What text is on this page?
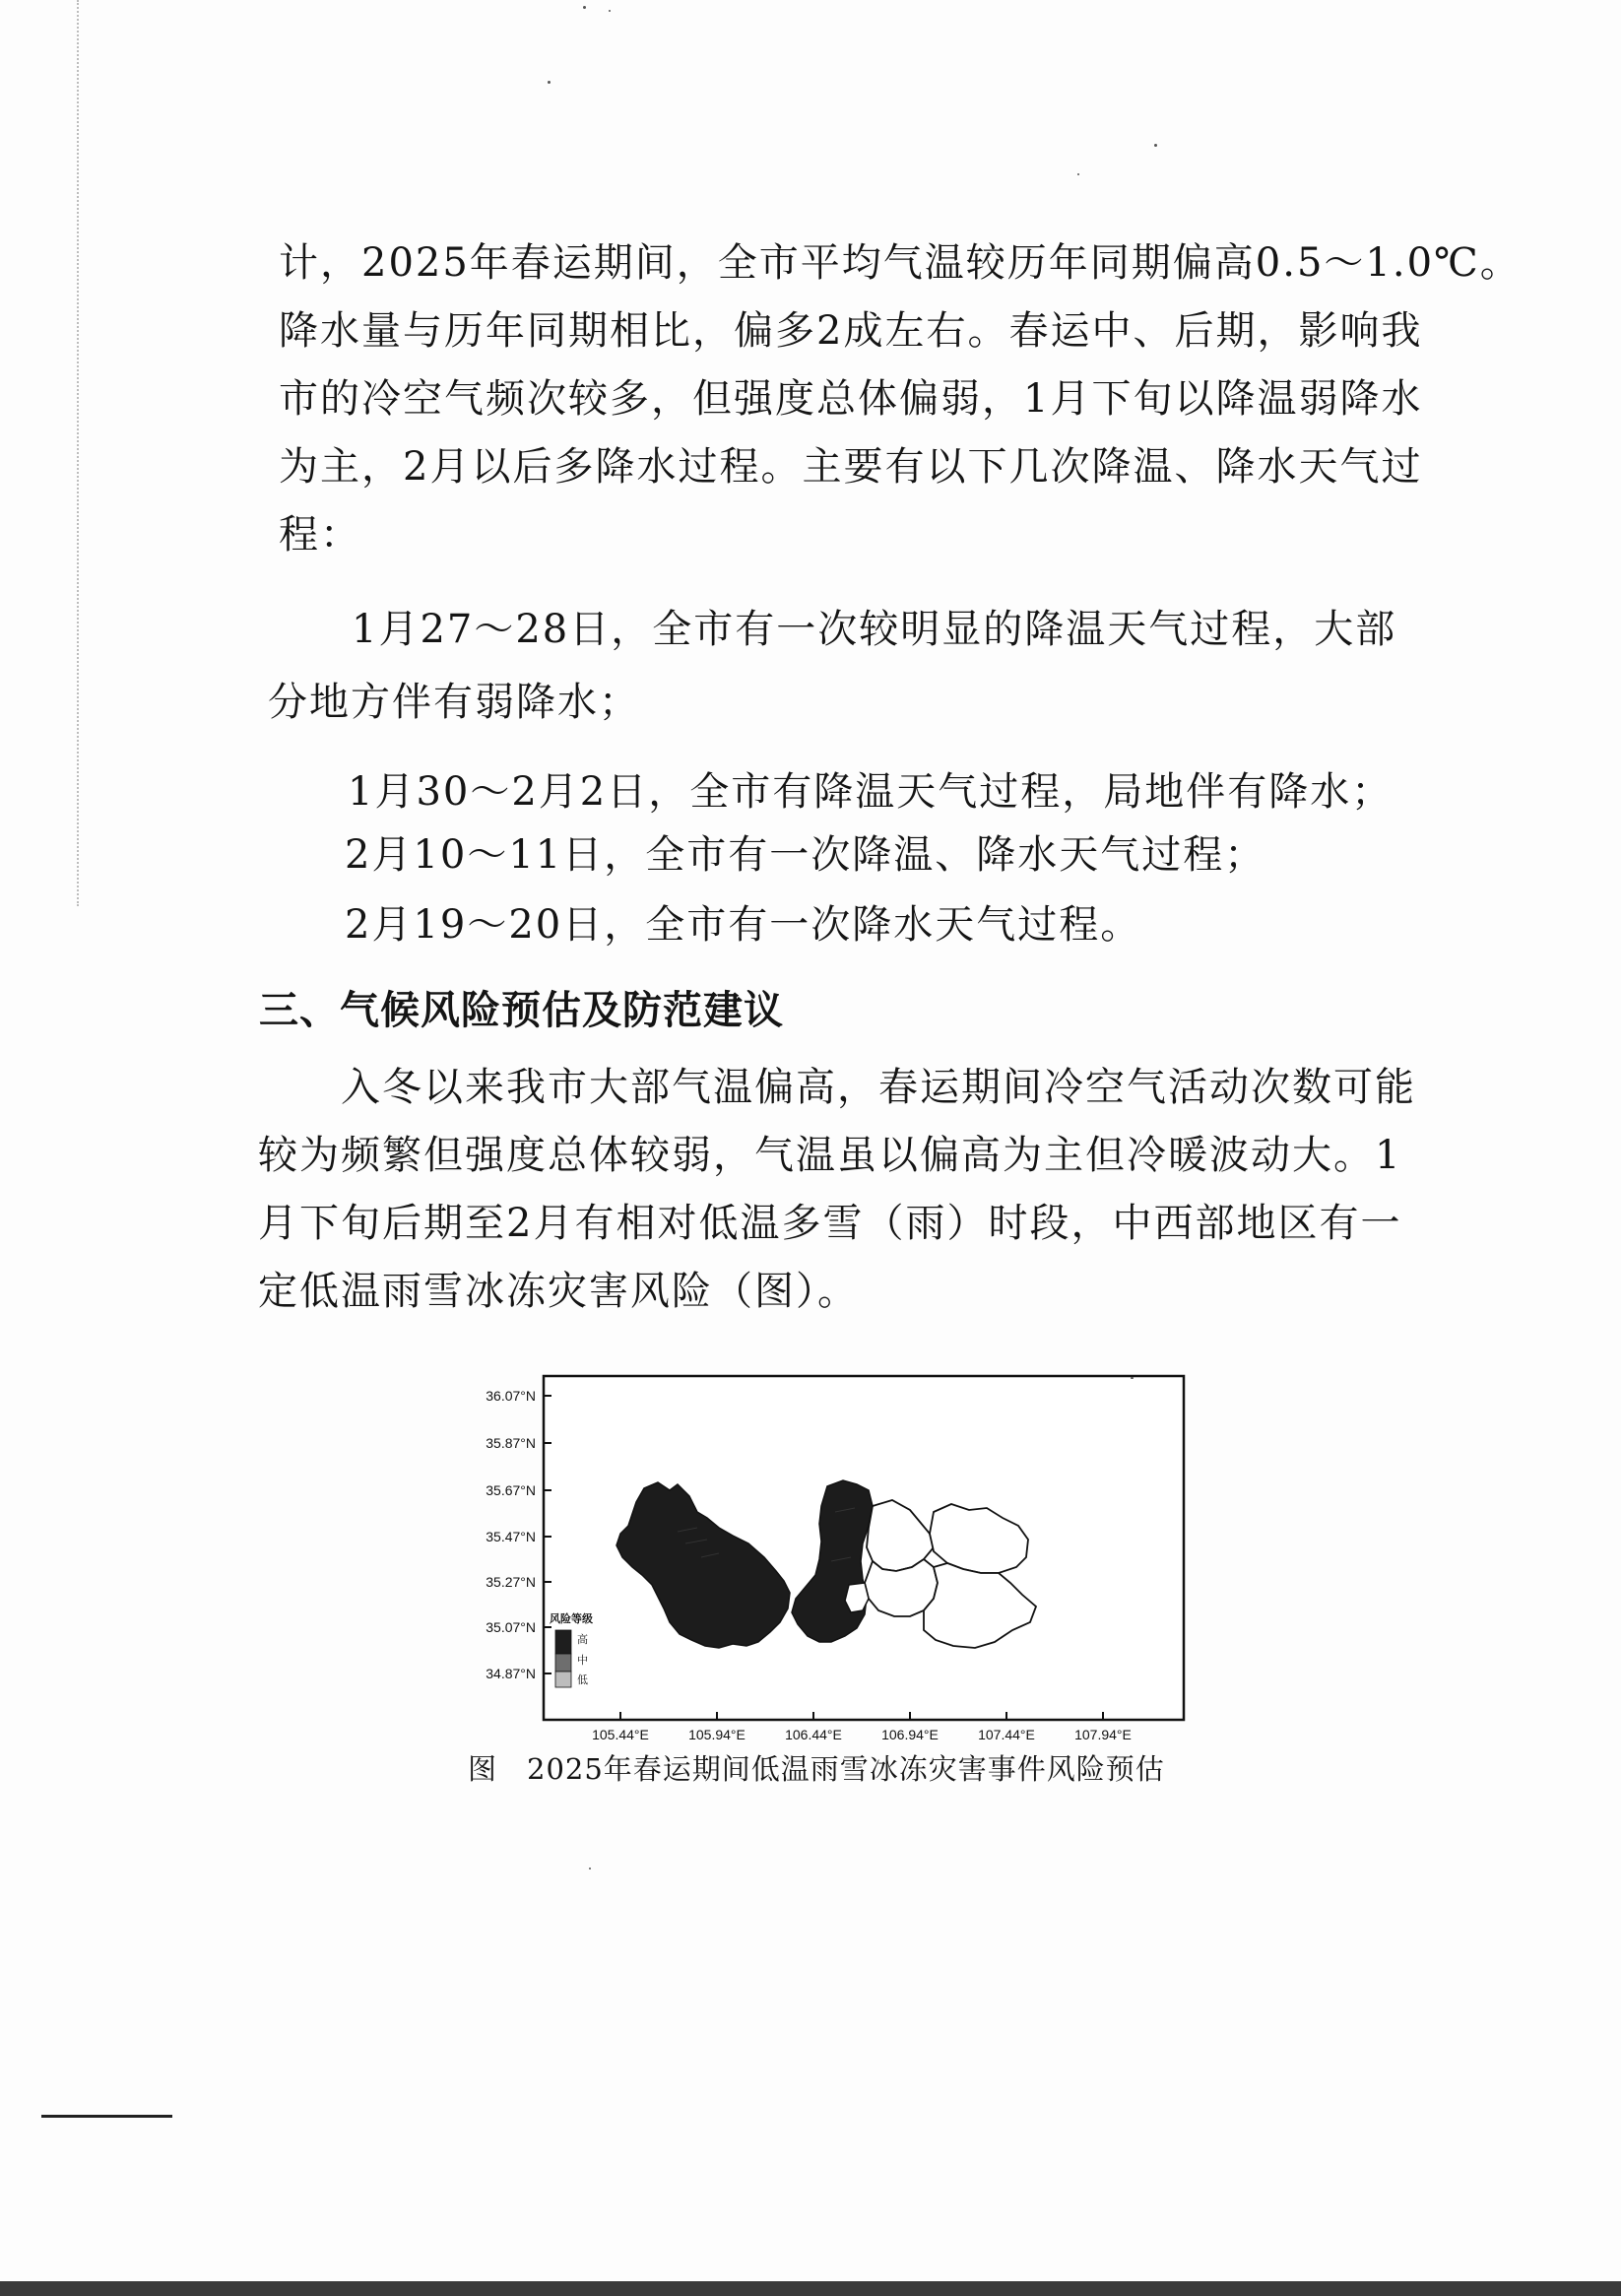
计，2025年春运期间，全市平均气温较历年同期偏高0.5～1.0℃。
降水量与历年同期相比，偏多2成左右。春运中、后期，影响我
市的冷空气频次较多，但强度总体偏弱，1月下旬以降温弱降水
为主，2月以后多降水过程。主要有以下几次降温、降水天气过
程：
1月27～28日，全市有一次较明显的降温天气过程，大部
分地方伴有弱降水；
1月30～2月2日，全市有降温天气过程，局地伴有降水；
2月10～11日，全市有一次降温、降水天气过程；
2月19～20日，全市有一次降水天气过程。
三、气候风险预估及防范建议
入冬以来我市大部气温偏高，春运期间冷空气活动次数可能
较为频繁但强度总体较弱，气温虽以偏高为主但冷暖波动大。1
月下旬后期至2月有相对低温多雪（雨）时段，中西部地区有一
定低温雨雪冰冻灾害风险（图）。
36.07°N
35.87°N
35.67°N
35.47°N
35.27°N
35.07°N
34.87°N
105.44°E	105.94°E	106.44°E	106.94°E	107.44°E	107.94°E
风险等级
高
中
低
图　2025年春运期间低温雨雪冰冻灾害事件风险预估
